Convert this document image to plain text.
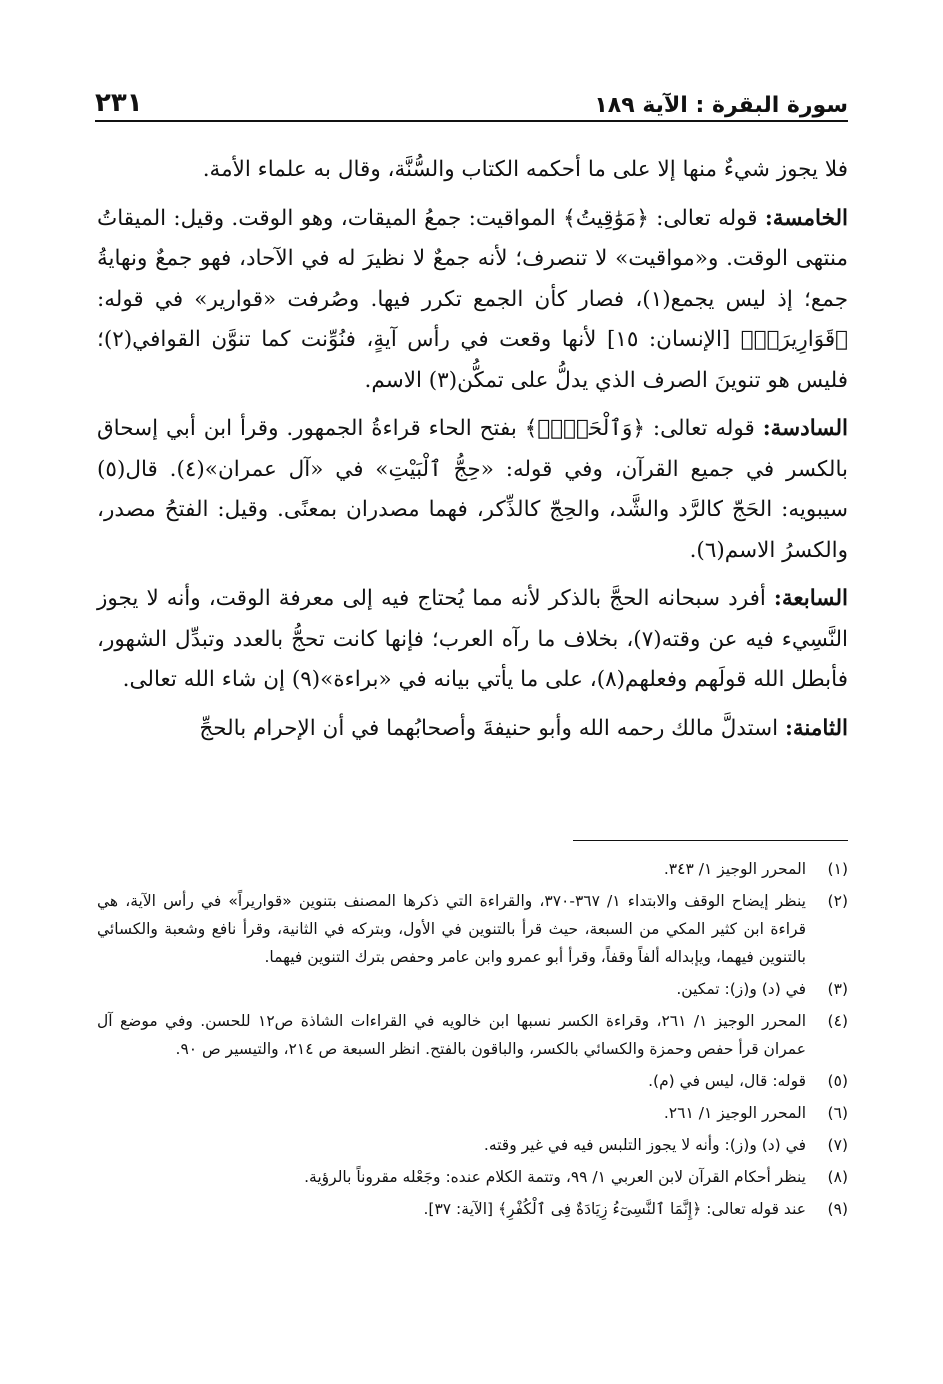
سورة البقرة : الآية ١٨٩
٢٣١

فلا يجوز شيءٌ منها إلا على ما أحكمه الكتاب والسُّنَّة، وقال به علماء الأمة.

الخامسة: قوله تعالى: ﴿مَوَٰقِيتُ﴾ المواقيت: جمعُ الميقات، وهو الوقت. وقيل: الميقاتُ منتهى الوقت. و«مواقيت» لا تنصرف؛ لأنه جمعٌ لا نظيرَ له في الآحاد، فهو جمعٌ ونهايةُ جمع؛ إذ ليس يجمع(١)، فصار كأن الجمع تكرر فيها. وصُرفت «قوارير» في قوله: ﴿قَوَارِيرَا۠﴾ [الإنسان: ١٥] لأنها وقعت في رأس آيةٍ، فنُوِّنت كما تنوَّن القوافي(٢)؛ فليس هو تنوينَ الصرف الذي يدلُّ على تمكُّن(٣) الاسم.

السادسة: قوله تعالى: ﴿وَٱلْحَجِّۗ﴾ بفتح الحاء قراءةُ الجمهور. وقرأ ابن أبي إسحاق بالكسر في جميع القرآن، وفي قوله: «حِجُّ ٱلْبَيْتِ» في «آل عمران»(٤). قال(٥) سيبويه: الحَجّ كالرَّد والشَّد، والحِجّ كالذِّكر، فهما مصدران بمعنًى. وقيل: الفتحُ مصدر، والكسرُ الاسم(٦).

السابعة: أفرد سبحانه الحجَّ بالذكر لأنه مما يُحتاج فيه إلى معرفة الوقت، وأنه لا يجوز النَّسِيء فيه عن وقته(٧)، بخلاف ما رآه العرب؛ فإنها كانت تحجُّ بالعدد وتبدِّل الشهور، فأبطل الله قولَهم وفعلهم(٨)، على ما يأتي بيانه في «براءة»(٩) إن شاء الله تعالى.

الثامنة: استدلَّ مالك رحمه الله وأبو حنيفةَ وأصحابُهما في أن الإحرام بالحجِّ

(١)
المحرر الوجيز ١/ ٣٤٣.
(٢)
ينظر إيضاح الوقف والابتداء ١/ ٣٦٧-٣٧٠، والقراءة التي ذكرها المصنف بتنوين «قواريراً» في رأس الآية، هي قراءة ابن كثير المكي من السبعة، حيث قرأ بالتنوين في الأول، وبتركه في الثانية، وقرأ نافع وشعبة والكسائي بالتنوين فيهما، ويإبداله ألفاً وقفاً، وقرأ أبو عمرو وابن عامر وحفص بترك التنوين فيهما.
(٣)
في (د) و(ز): تمكين.
(٤)
المحرر الوجيز ١/ ٢٦١، وقراءة الكسر نسبها ابن خالويه في القراءات الشاذة ص١٢ للحسن. وفي موضع آل عمران قرأ حفص وحمزة والكسائي بالكسر، والباقون بالفتح. انظر السبعة ص ٢١٤، والتيسير ص ٩٠.
(٥)
قوله: قال، ليس في (م).
(٦)
المحرر الوجيز ١/ ٢٦١.
(٧)
في (د) و(ز): وأنه لا يجوز التلبس فيه في غير وقته.
(٨)
ينظر أحكام القرآن لابن العربي ١/ ٩٩، وتتمة الكلام عنده: وجَعْله مقروناً بالرؤية.
(٩)
عند قوله تعالى: ﴿إِنَّمَا ٱلنَّسِىٓءُ زِيَادَةٌ فِى ٱلْكُفْرِ﴾ [الآية: ٣٧].
